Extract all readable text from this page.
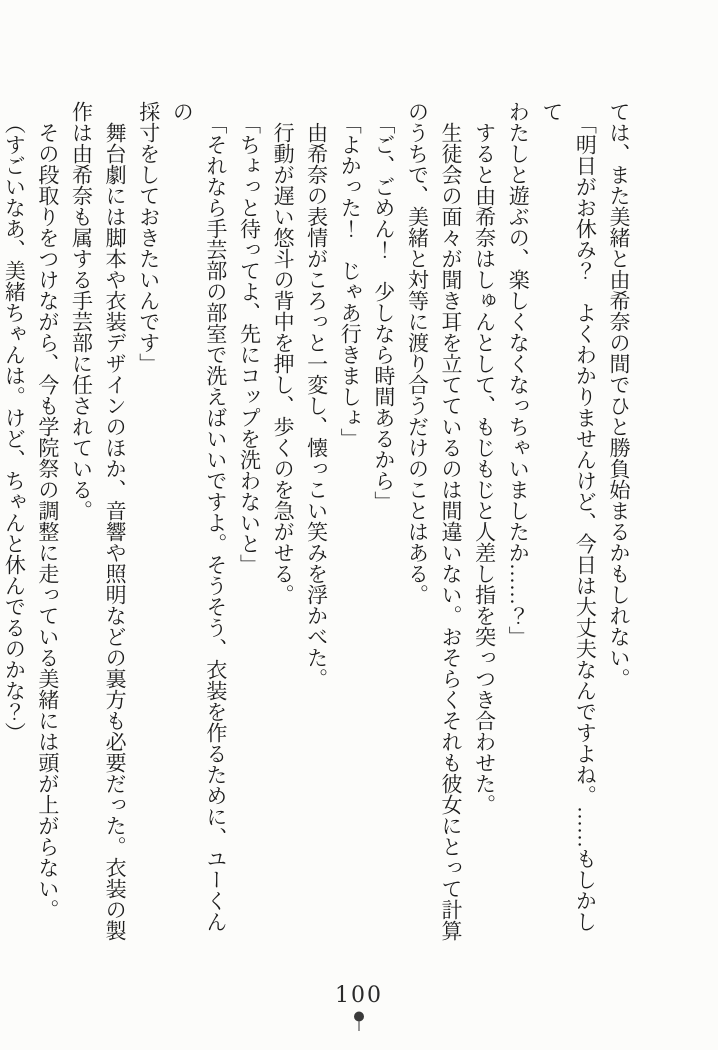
ては、また美緒と由希奈の間でひと勝負始まるかもしれない。

「明日がお休み？　よくわかりませんけど、今日は大丈夫なんですよね。……もしかして

わたしと遊ぶの、楽しくなくなっちゃいましたか……？」

すると由希奈はしゅんとして、もじもじと人差し指を突っつき合わせた。

生徒会の面々が聞き耳を立てているのは間違いない。おそらくそれも彼女にとって計算

のうちで、美緒と対等に渡り合うだけのことはある。

「ご、ごめん！　少しなら時間あるから」

「よかった！　じゃあ行きましょ」

由希奈の表情がころっと一変し、懐っこい笑みを浮かべた。

行動が遅い悠斗の背中を押し、歩くのを急がせる。

「ちょっと待ってよ、先にコップを洗わないと」

「それなら手芸部の部室で洗えばいいですよ。そうそう、衣装を作るために、ユーくんの

採寸をしておきたいんです」

舞台劇には脚本や衣装デザインのほか、音響や照明などの裏方も必要だった。衣装の製

作は由希奈も属する手芸部に任されている。

その段取りをつけながら、今も学院祭の調整に走っている美緒には頭が上がらない。

（すごいなあ、美緒ちゃんは。けど、ちゃんと休んでるのかな？）

100
